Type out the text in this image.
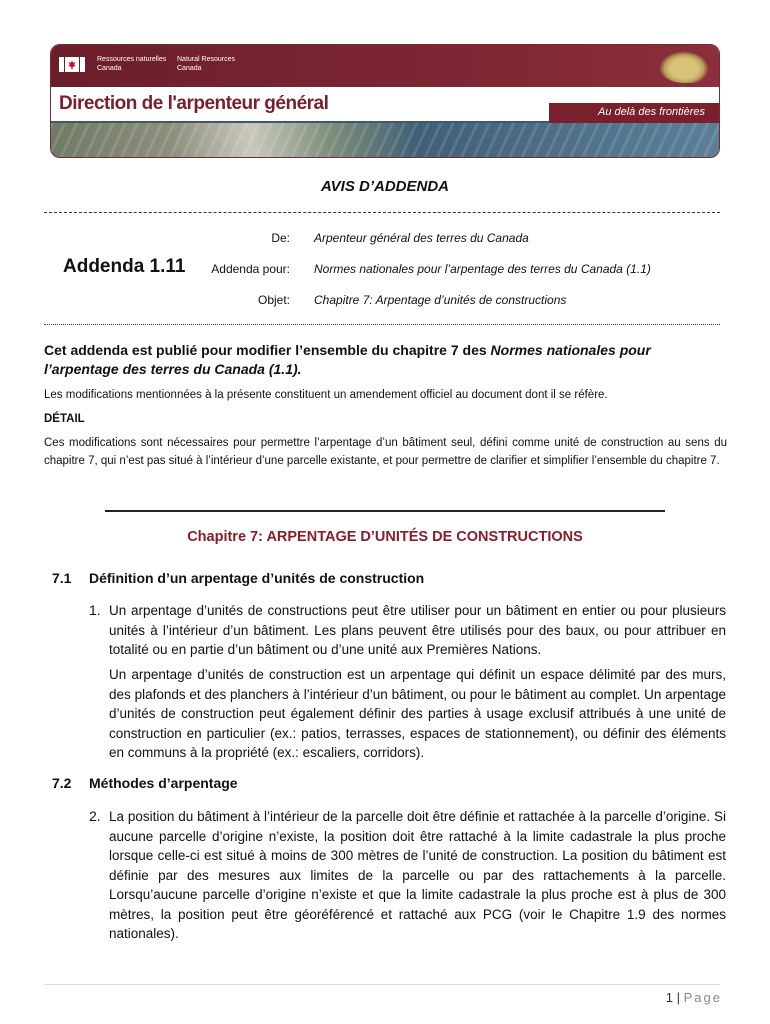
Ressources naturelles
Canada
Natural Resources
Canada
Direction de l'arpenteur général	Au delà des frontières
AVIS D’ADDENDA
Addenda 1.11
De: Arpenteur général des terres du Canada
Addenda pour: Normes nationales pour l’arpentage des terres du Canada (1.1)
Objet: Chapitre 7: Arpentage d’unités de constructions
Cet addenda est publié pour modifier l’ensemble du chapitre 7 des Normes nationales pour l’arpentage des terres du Canada (1.1).
Les modifications mentionnées à la présente constituent un amendement officiel au document dont il se réfère.
DÉTAIL
Ces modifications sont nécessaires pour permettre l’arpentage d’un bâtiment seul, défini comme unité de construction au sens du chapitre 7, qui n’est pas situé à l’intérieur d’une parcelle existante, et pour permettre de clarifier et simplifier l’ensemble du chapitre 7.
Chapitre 7: ARPENTAGE D’UNITÉS DE CONSTRUCTIONS
7.1 Définition d’un arpentage d’unités de construction
1. Un arpentage d’unités de constructions peut être utiliser pour un bâtiment en entier ou pour plusieurs unités à l’intérieur d’un bâtiment. Les plans peuvent être utilisés pour des baux, ou pour attribuer en totalité ou en partie d’un bâtiment ou d’une unité aux Premières Nations.
Un arpentage d’unités de construction est un arpentage qui définit un espace délimité par des murs, des plafonds et des planchers à l’intérieur d’un bâtiment, ou pour le bâtiment au complet. Un arpentage d’unités de construction peut également définir des parties à usage exclusif attribués à une unité de construction en particulier (ex.: patios, terrasses, espaces de stationnement), ou définir des éléments en communs à la propriété (ex.: escaliers, corridors).
7.2 Méthodes d’arpentage
2. La position du bâtiment à l’intérieur de la parcelle doit être définie et rattachée à la parcelle d’origine. Si aucune parcelle d’origine n’existe, la position doit être rattaché à la limite cadastrale la plus proche lorsque celle-ci est situé à moins de 300 mètres de l’unité de construction. La position du bâtiment est définie par des mesures aux limites de la parcelle ou par des rattachements à la parcelle. Lorsqu’aucune parcelle d’origine n’existe et que la limite cadastrale la plus proche est à plus de 300 mètres, la position peut être géoréférencé et rattaché aux PCG (voir le Chapitre 1.9 des normes nationales).
1 | Page
